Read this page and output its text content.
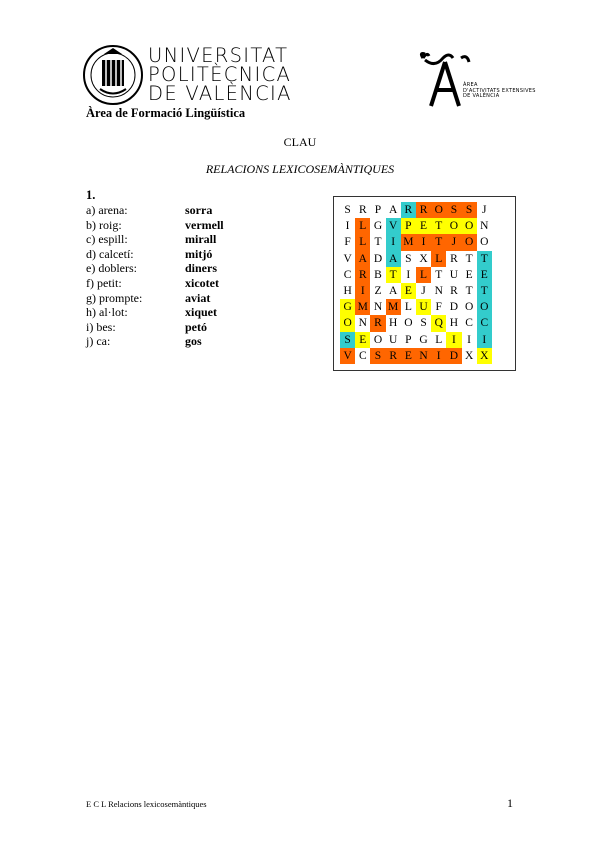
UNIVERSITAT
POLITÈCNICA
DE VALÈNCIA
Àrea de Formació Lingüística
ÀREA
D'ACTIVITATS EXTENSIVES
DE VALÈNCIA
CLAU
RELACIONS LEXICOSEMÀNTIQUES
1.
a) arena:	sorra
b) roig:	vermell
c) espill:	mirall
d) calcetí:	mitjó
e) doblers:	diners
f) petit:	xicotet
g) prompte:	aviat
h) al·lot:	xiquet
i) bes:	petó
j) ca:	gos
S R P A R R O S S J
I L G V P E T O O N
F L T I M I T J O O
V A D A S X L R T T
C R B T I L T U E E
H I Z A E J N R T T
G M N M L U F D O O
O N R H O S Q H C C
S E O U P G L I I I
V C S R E N I D X X
E C L Relacions lexicosemàntiques	1
